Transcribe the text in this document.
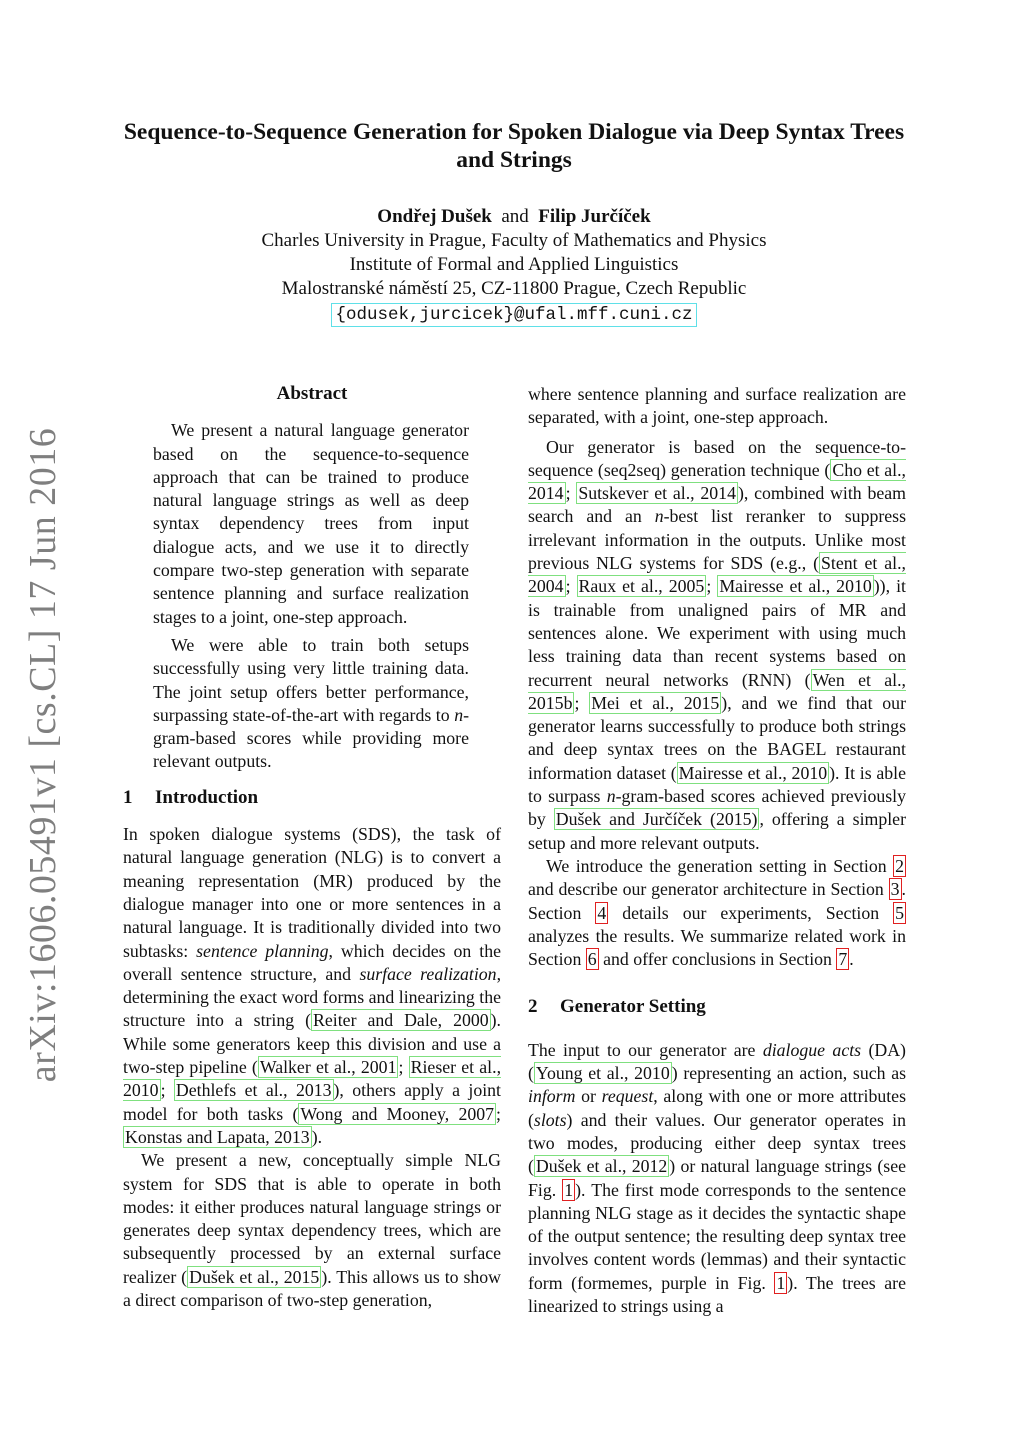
arXiv:1606.05491v1 [cs.CL] 17 Jun 2016
Sequence-to-Sequence Generation for Spoken Dialogue via Deep Syntax Trees and Strings
Ondřej Dušek and Filip Jurčíček
Charles University in Prague, Faculty of Mathematics and Physics
Institute of Formal and Applied Linguistics
Malostranské náměstí 25, CZ-11800 Prague, Czech Republic
{odusek,jurcicek}@ufal.mff.cuni.cz
Abstract

We present a natural language generator based on the sequence-to-sequence approach that can be trained to produce natural language strings as well as deep syntax dependency trees from input dialogue acts, and we use it to directly compare two-step generation with separate sentence planning and surface realization stages to a joint, one-step approach.

We were able to train both setups successfully using very little training data. The joint setup offers better performance, surpassing state-of-the-art with regards to n-gram-based scores while providing more relevant outputs.

1 Introduction

In spoken dialogue systems (SDS), the task of natural language generation (NLG) is to convert a meaning representation (MR) produced by the dialogue manager into one or more sentences in a natural language. It is traditionally divided into two subtasks: sentence planning, which decides on the overall sentence structure, and surface realization, determining the exact word forms and linearizing the structure into a string ( Reiter and Dale, 2000 ). While some generators keep this division and use a two-step pipeline ( Walker et al., 2001 ; Rieser et al., 2010 ; Dethlefs et al., 2013 ), others apply a joint model for both tasks ( Wong and Mooney, 2007 ; Konstas and Lapata, 2013 ).

We present a new, conceptually simple NLG system for SDS that is able to operate in both modes: it either produces natural language strings or generates deep syntax dependency trees, which are subsequently processed by an external surface realizer ( Dušek et al., 2015 ). This allows us to show a direct comparison of two-step generation,

where sentence planning and surface realization are separated, with a joint, one-step approach.

Our generator is based on the sequence-to-sequence (seq2seq) generation technique ( Cho et al., 2014 ; Sutskever et al., 2014 ), combined with beam search and an n-best list reranker to suppress irrelevant information in the outputs. Unlike most previous NLG systems for SDS (e.g., ( Stent et al., 2004 ; Raux et al., 2005 ; Mairesse et al., 2010 )), it is trainable from unaligned pairs of MR and sentences alone. We experiment with using much less training data than recent systems based on recurrent neural networks (RNN) ( Wen et al., 2015b ; Mei et al., 2015 ), and we find that our generator learns successfully to produce both strings and deep syntax trees on the BAGEL restaurant information dataset ( Mairesse et al., 2010 ). It is able to surpass n-gram-based scores achieved previously by Dušek and Jurčíček (2015) , offering a simpler setup and more relevant outputs.

We introduce the generation setting in Section 2 and describe our generator architecture in Section 3 . Section 4 details our experiments, Section 5 analyzes the results. We summarize related work in Section 6 and offer conclusions in Section 7 .

2 Generator Setting

The input to our generator are dialogue acts (DA) ( Young et al., 2010 ) representing an action, such as inform or request, along with one or more attributes (slots) and their values. Our generator operates in two modes, producing either deep syntax trees ( Dušek et al., 2012 ) or natural language strings (see Fig. 1 ). The first mode corresponds to the sentence planning NLG stage as it decides the syntactic shape of the output sentence; the resulting deep syntax tree involves content words (lemmas) and their syntactic form (formemes, purple in Fig. 1 ). The trees are linearized to strings using a
